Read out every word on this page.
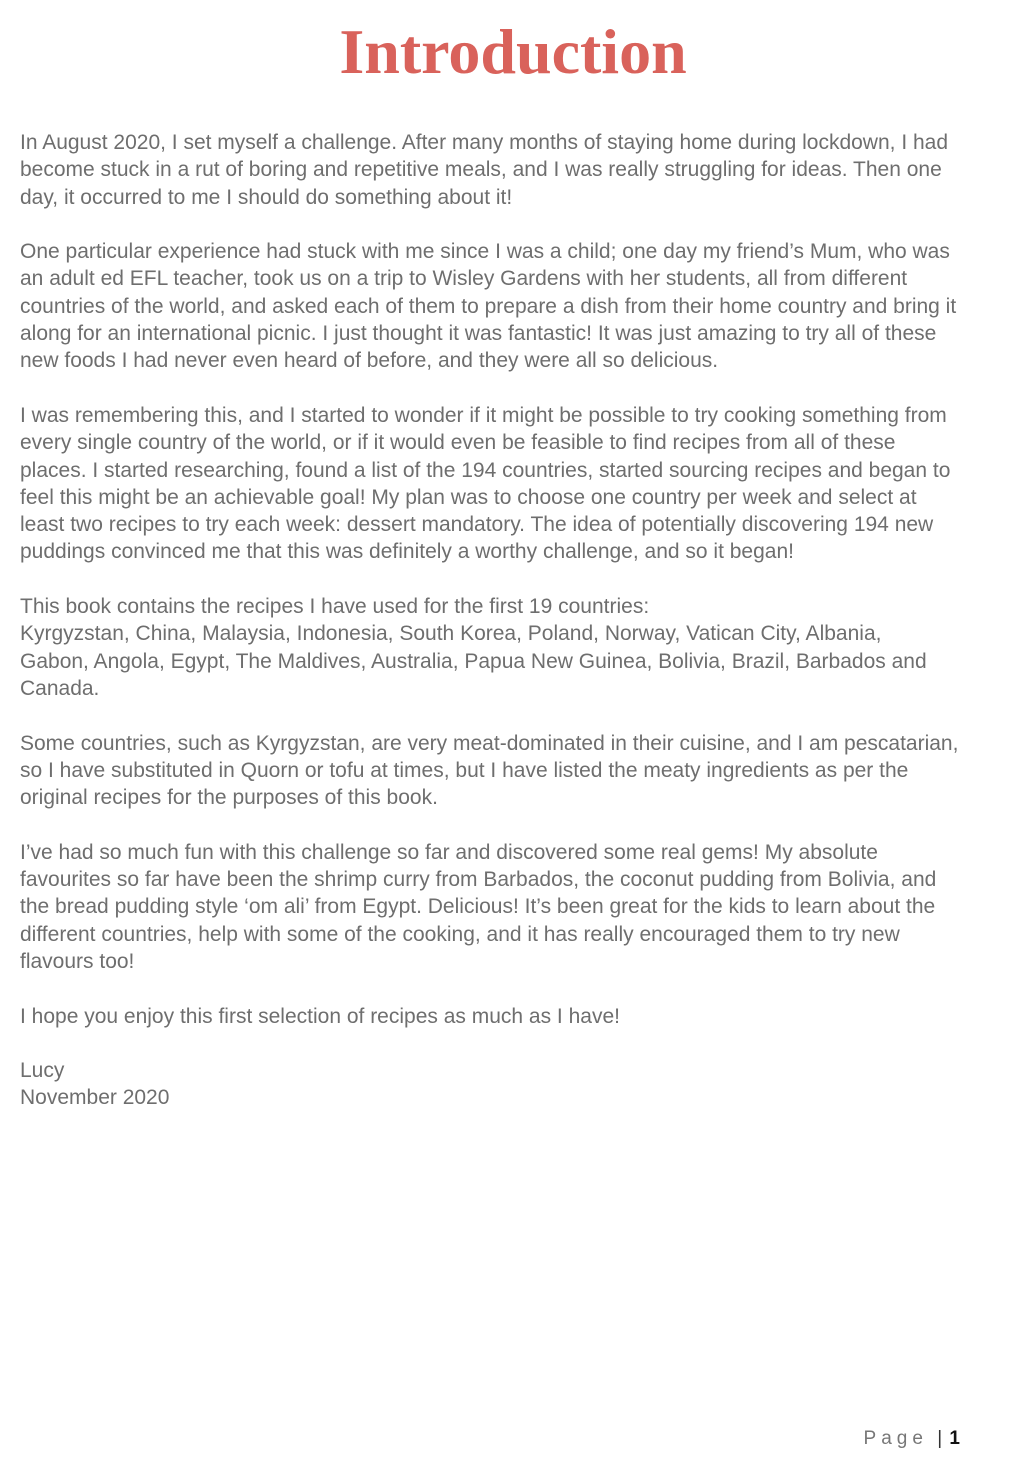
Introduction

In August 2020, I set myself a challenge. After many months of staying home during lockdown, I had
become stuck in a rut of boring and repetitive meals, and I was really struggling for ideas. Then one
day, it occurred to me I should do something about it!

One particular experience had stuck with me since I was a child; one day my friend’s Mum, who was
an adult ed EFL teacher, took us on a trip to Wisley Gardens with her students, all from different
countries of the world, and asked each of them to prepare a dish from their home country and bring it
along for an international picnic. I just thought it was fantastic! It was just amazing to try all of these
new foods I had never even heard of before, and they were all so delicious.

I was remembering this, and I started to wonder if it might be possible to try cooking something from
every single country of the world, or if it would even be feasible to find recipes from all of these
places. I started researching, found a list of the 194 countries, started sourcing recipes and began to
feel this might be an achievable goal! My plan was to choose one country per week and select at
least two recipes to try each week: dessert mandatory. The idea of potentially discovering 194 new
puddings convinced me that this was definitely a worthy challenge, and so it began!

This book contains the recipes I have used for the first 19 countries:
Kyrgyzstan, China, Malaysia, Indonesia, South Korea, Poland, Norway, Vatican City, Albania,
Gabon, Angola, Egypt, The Maldives, Australia, Papua New Guinea, Bolivia, Brazil, Barbados and
Canada.

Some countries, such as Kyrgyzstan, are very meat-dominated in their cuisine, and I am pescatarian,
so I have substituted in Quorn or tofu at times, but I have listed the meaty ingredients as per the
original recipes for the purposes of this book.

I’ve had so much fun with this challenge so far and discovered some real gems! My absolute
favourites so far have been the shrimp curry from Barbados, the coconut pudding from Bolivia, and
the bread pudding style ‘om ali’ from Egypt. Delicious! It’s been great for the kids to learn about the
different countries, help with some of the cooking, and it has really encouraged them to try new
flavours too!

I hope you enjoy this first selection of recipes as much as I have!

Lucy

November 2020

Page | 1
